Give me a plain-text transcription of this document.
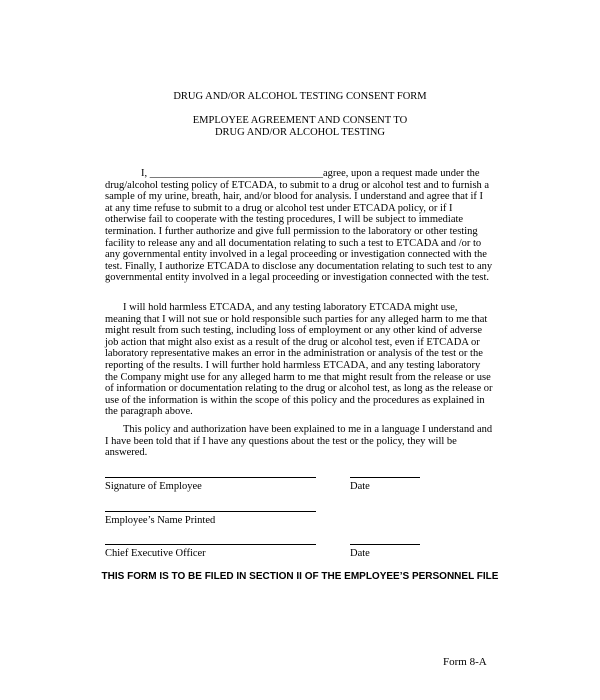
DRUG AND/OR ALCOHOL TESTING CONSENT FORM
EMPLOYEE AGREEMENT AND CONSENT TO
DRUG AND/OR ALCOHOL TESTING

I, _________________________________agree, upon a request made under the drug/alcohol testing policy of ETCADA, to submit to a drug or alcohol test and to furnish a sample of my urine, breath, hair, and/or blood for analysis. I understand and agree that if I at any time refuse to submit to a drug or alcohol test under ETCADA policy, or if I otherwise fail to cooperate with the testing procedures, I will be subject to immediate termination. I further authorize and give full permission to the laboratory or other testing facility to release any and all documentation relating to such a test to ETCADA and /or to any governmental entity involved in a legal proceeding or investigation connected with the test. Finally, I authorize ETCADA to disclose any documentation relating to such test to any governmental entity involved in a legal proceeding or investigation connected with the test.

I will hold harmless ETCADA, and any testing laboratory ETCADA might use, meaning that I will not sue or hold responsible such parties for any alleged harm to me that might result from such testing, including loss of employment or any other kind of adverse job action that might also exist as a result of the drug or alcohol test, even if ETCADA or laboratory representative makes an error in the administration or analysis of the test or the reporting of the results. I will further hold harmless ETCADA, and any testing laboratory the Company might use for any alleged harm to me that might result from the release or use of information or documentation relating to the drug or alcohol test, as long as the release or use of the information is within the scope of this policy and the procedures as explained in the paragraph above.

This policy and authorization have been explained to me in a language I understand and I have been told that if I have any questions about the test or the policy, they will be answered.

Signature of Employee	Date
Employee’s Name Printed
Chief Executive Officer	Date
THIS FORM IS TO BE FILED IN SECTION II OF THE EMPLOYEE’S PERSONNEL FILE
Form 8-A
